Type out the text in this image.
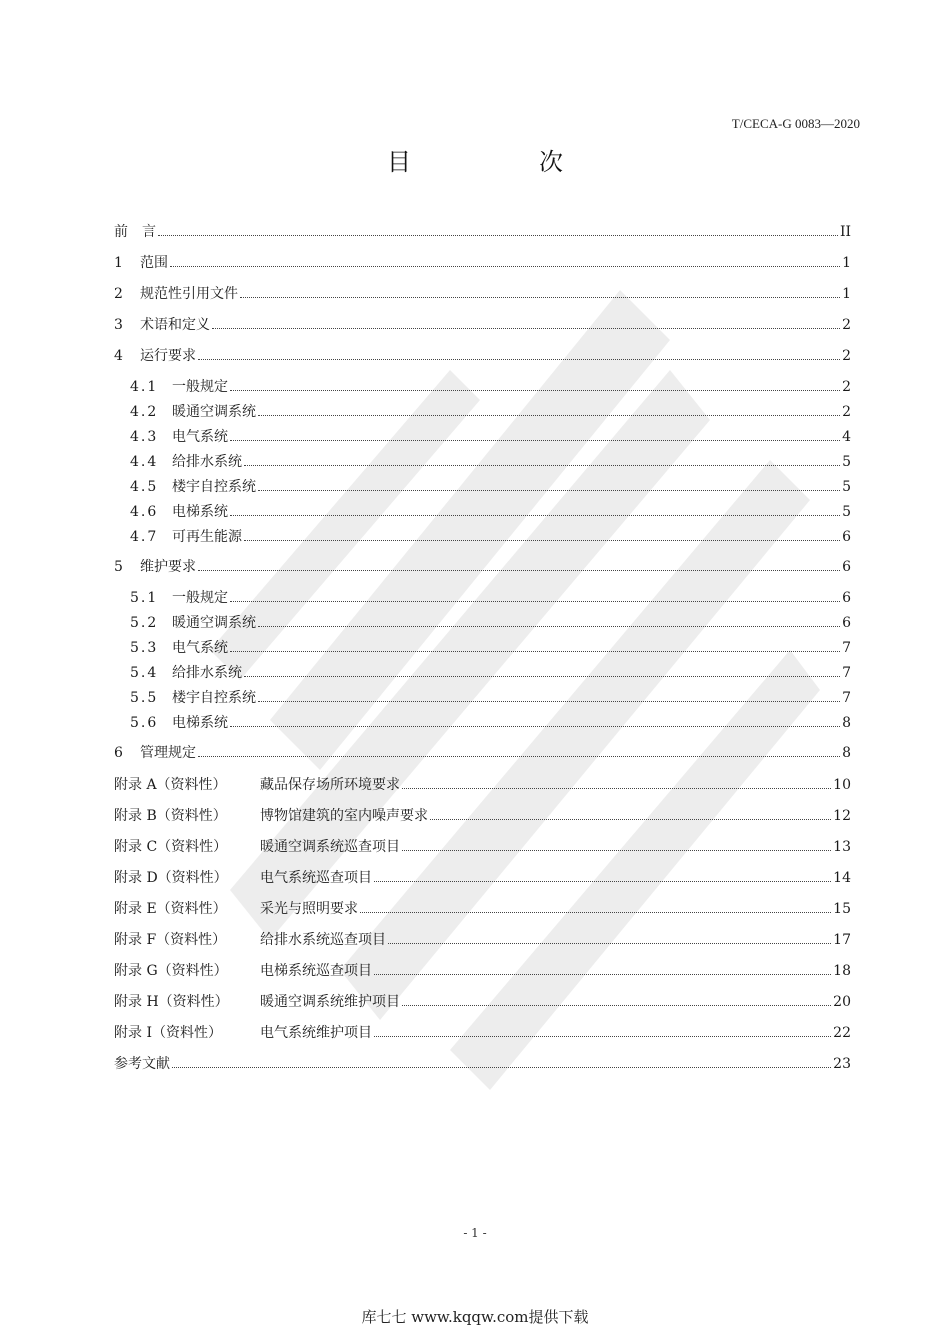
T/CECA-G 0083—2020
目　次
前　言	II
1	范围	1
2	规范性引用文件	1
3	术语和定义	2
4	运行要求	2
4.1 一般规定	2
4.2 暖通空调系统	2
4.3 电气系统	4
4.4 给排水系统	5
4.5 楼宇自控系统	5
4.6 电梯系统	5
4.7 可再生能源	6
5	维护要求	6
5.1 一般规定	6
5.2 暖通空调系统	6
5.3 电气系统	7
5.4 给排水系统	7
5.5 楼宇自控系统	7
5.6 电梯系统	8
6	管理规定	8
附录 A（资料性）	藏品保存场所环境要求	10
附录 B（资料性）	博物馆建筑的室内噪声要求	12
附录 C（资料性）	暖通空调系统巡查项目	13
附录 D（资料性）	电气系统巡查项目	14
附录 E（资料性）	采光与照明要求	15
附录 F（资料性）	给排水系统巡查项目	17
附录 G（资料性）	电梯系统巡查项目	18
附录 H（资料性）	暖通空调系统维护项目	20
附录 I（资料性）	电气系统维护项目	22
参考文献	23
- 1 -
库七七 www.kqqw.com提供下载
